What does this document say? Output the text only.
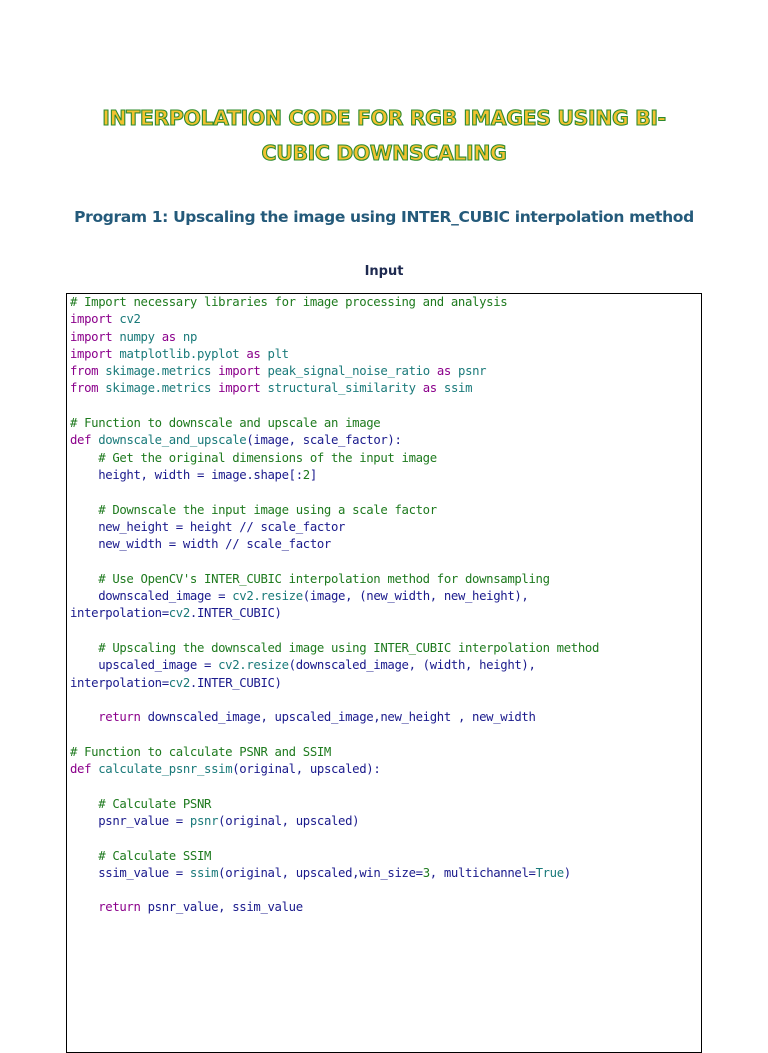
INTERPOLATION CODE FOR RGB IMAGES USING BI-
CUBIC DOWNSCALING
Program 1: Upscaling the image using INTER_CUBIC interpolation method
Input
# Import necessary libraries for image processing and analysis
import cv2
import numpy as np
import matplotlib.pyplot as plt
from skimage.metrics import peak_signal_noise_ratio as psnr
from skimage.metrics import structural_similarity as ssim
# Function to downscale and upscale an image
def downscale_and_upscale(image, scale_factor):
# Get the original dimensions of the input image
height, width = image.shape[:2]
# Downscale the input image using a scale factor
new_height = height // scale_factor
new_width = width // scale_factor
# Use OpenCV's INTER_CUBIC interpolation method for downsampling
downscaled_image = cv2.resize(image, (new_width, new_height),
interpolation=cv2.INTER_CUBIC)
# Upscaling the downscaled image using INTER_CUBIC interpolation method
upscaled_image = cv2.resize(downscaled_image, (width, height),
interpolation=cv2.INTER_CUBIC)
return downscaled_image, upscaled_image,new_height , new_width
# Function to calculate PSNR and SSIM
def calculate_psnr_ssim(original, upscaled):
# Calculate PSNR
psnr_value = psnr(original, upscaled)
# Calculate SSIM
ssim_value = ssim(original, upscaled,win_size=3, multichannel=True)
return psnr_value, ssim_value
